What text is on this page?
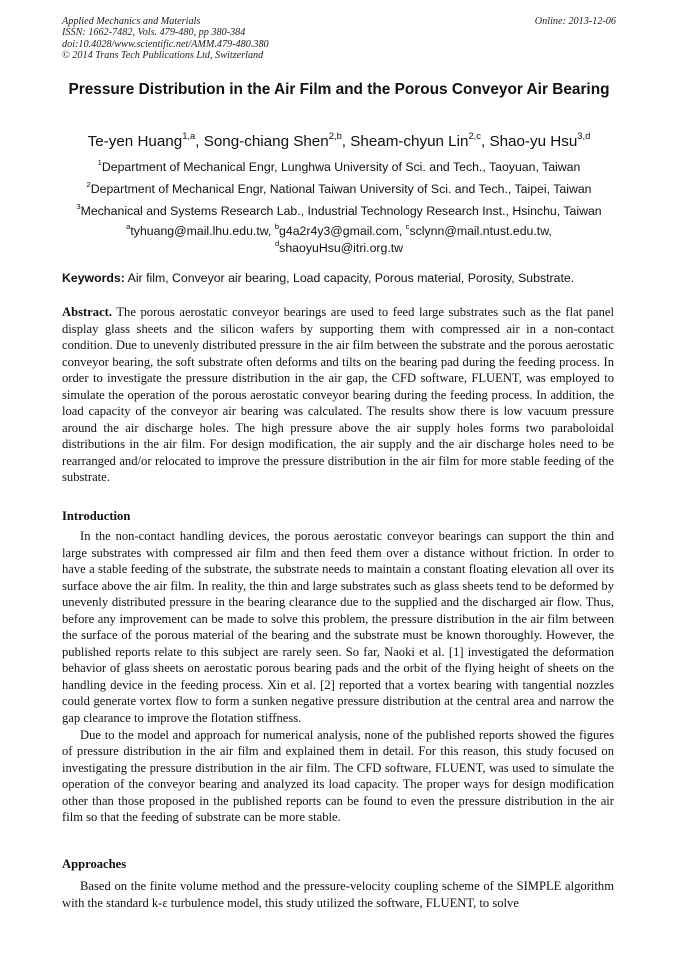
Applied Mechanics and Materials
ISSN: 1662-7482, Vols. 479-480, pp 380-384
doi:10.4028/www.scientific.net/AMM.479-480.380
© 2014 Trans Tech Publications Ltd, Switzerland
Online: 2013-12-06
Pressure Distribution in the Air Film and the Porous Conveyor Air Bearing
Te-yen Huang$^{1,a}$, Song-chiang Shen$^{2,b}$, Sheam-chyun Lin$^{2,c}$, Shao-yu Hsu$^{3,d}$
$^1$Department of Mechanical Engr, Lunghwa University of Sci. and Tech., Taoyuan, Taiwan
$^2$Department of Mechanical Engr, National Taiwan University of Sci. and Tech., Taipei, Taiwan
$^3$Mechanical and Systems Research Lab., Industrial Technology Research Inst., Hsinchu, Taiwan
$^a$tyhuang@mail.lhu.edu.tw, $^b$g4a2r4y3@gmail.com, $^c$sclynn@mail.ntust.edu.tw,
$^d$shaoyuHsu@itri.org.tw
Keywords: Air film, Conveyor air bearing, Load capacity, Porous material, Porosity, Substrate.

Abstract. The porous aerostatic conveyor bearings are used to feed large substrates such as the flat panel display glass sheets and the silicon wafers by supporting them with compressed air in a non-contact condition. Due to unevenly distributed pressure in the air film between the substrate and the porous aerostatic conveyor bearing, the soft substrate often deforms and tilts on the bearing pad during the feeding process. In order to investigate the pressure distribution in the air gap, the CFD software, FLUENT, was employed to simulate the operation of the porous aerostatic conveyor bearing during the feeding process. In addition, the load capacity of the conveyor air bearing was calculated. The results show there is low vacuum pressure around the air discharge holes. The high pressure above the air supply holes forms two paraboloidal distributions in the air film. For design modification, the air supply and the air discharge holes need to be rearranged and/or relocated to improve the pressure distribution in the air film for more stable feeding of the substrate.

Introduction

In the non-contact handling devices, the porous aerostatic conveyor bearings can support the thin and large substrates with compressed air film and then feed them over a distance without friction. In order to have a stable feeding of the substrate, the substrate needs to maintain a constant floating elevation all over its surface above the air film. In reality, the thin and large substrates such as glass sheets tend to be deformed by unevenly distributed pressure in the bearing clearance due to the supplied and the discharged air flow. Thus, before any improvement can be made to solve this problem, the pressure distribution in the air film between the surface of the porous material of the bearing and the substrate must be known thoroughly. However, the published reports relate to this subject are rarely seen. So far, Naoki et al. [1] investigated the deformation behavior of glass sheets on aerostatic porous bearing pads and the orbit of the flying height of sheets on the handling device in the feeding process. Xin et al. [2] reported that a vortex bearing with tangential nozzles could generate vortex flow to form a sunken negative pressure distribution at the central area and narrow the gap clearance to improve the flotation stiffness.

Due to the model and approach for numerical analysis, none of the published reports showed the figures of pressure distribution in the air film and explained them in detail. For this reason, this study focused on investigating the pressure distribution in the air film. The CFD software, FLUENT, was used to simulate the operation of the conveyor bearing and analyzed its load capacity. The proper ways for design modification other than those proposed in the published reports can be found to even the pressure distribution in the air film so that the feeding of substrate can be more stable.

Approaches

Based on the finite volume method and the pressure-velocity coupling scheme of the SIMPLE algorithm with the standard k-ε turbulence model, this study utilized the software, FLUENT, to solve
